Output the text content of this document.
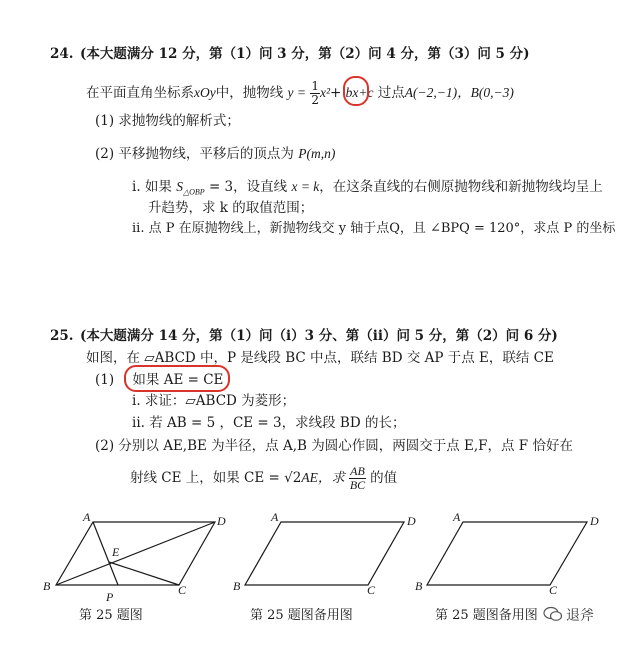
24. (本大题满分 12 分，第（1）问 3 分，第（2）问 4 分，第（3）问 5 分)
在平面直角坐标系xOy中，抛物线 $y = \frac{1}{2} x^2+ bx+c$ 过点A(−2,−1)，B(0,−3)
(1) 求抛物线的解析式；
(2) 平移抛物线，平移后的顶点为 P(m,n)
i. 如果 $S_{\triangle OBP} = 3$，设直线 x = k，在这条直线的右侧原抛物线和新抛物线均呈上
升趋势，求 k 的取值范围；
ii. 点 P 在原抛物线上，新抛物线交 y 轴于点Q，且 ∠BPQ = 120°，求点 P 的坐标
25. (本大题满分 14 分，第（1）问（i）3 分、第（ii）问 5 分，第（2）问 6 分)
如图，在 ▱ABCD 中，P 是线段 BC 中点，联结 BD 交 AP 于点 E，联结 CE
(1) 如果 AE = CE
i. 求证：▱ABCD 为菱形；
ii. 若 AB = 5 ，CE = 3，求线段 BD 的长；
(2) 分别以 AE,BE 为半径，点 A,B 为圆心作圆，两圆交于点 E,F，点 F 恰好在
射线 CE 上，如果 CE = √2AE，求 $\frac{AB}{BC}$ 的值
A	D
B	C
E
P
A	D
B	C
A	D
B	C
第 25 题图	第 25 题图备用图	第 25 题图备用图 退斧
